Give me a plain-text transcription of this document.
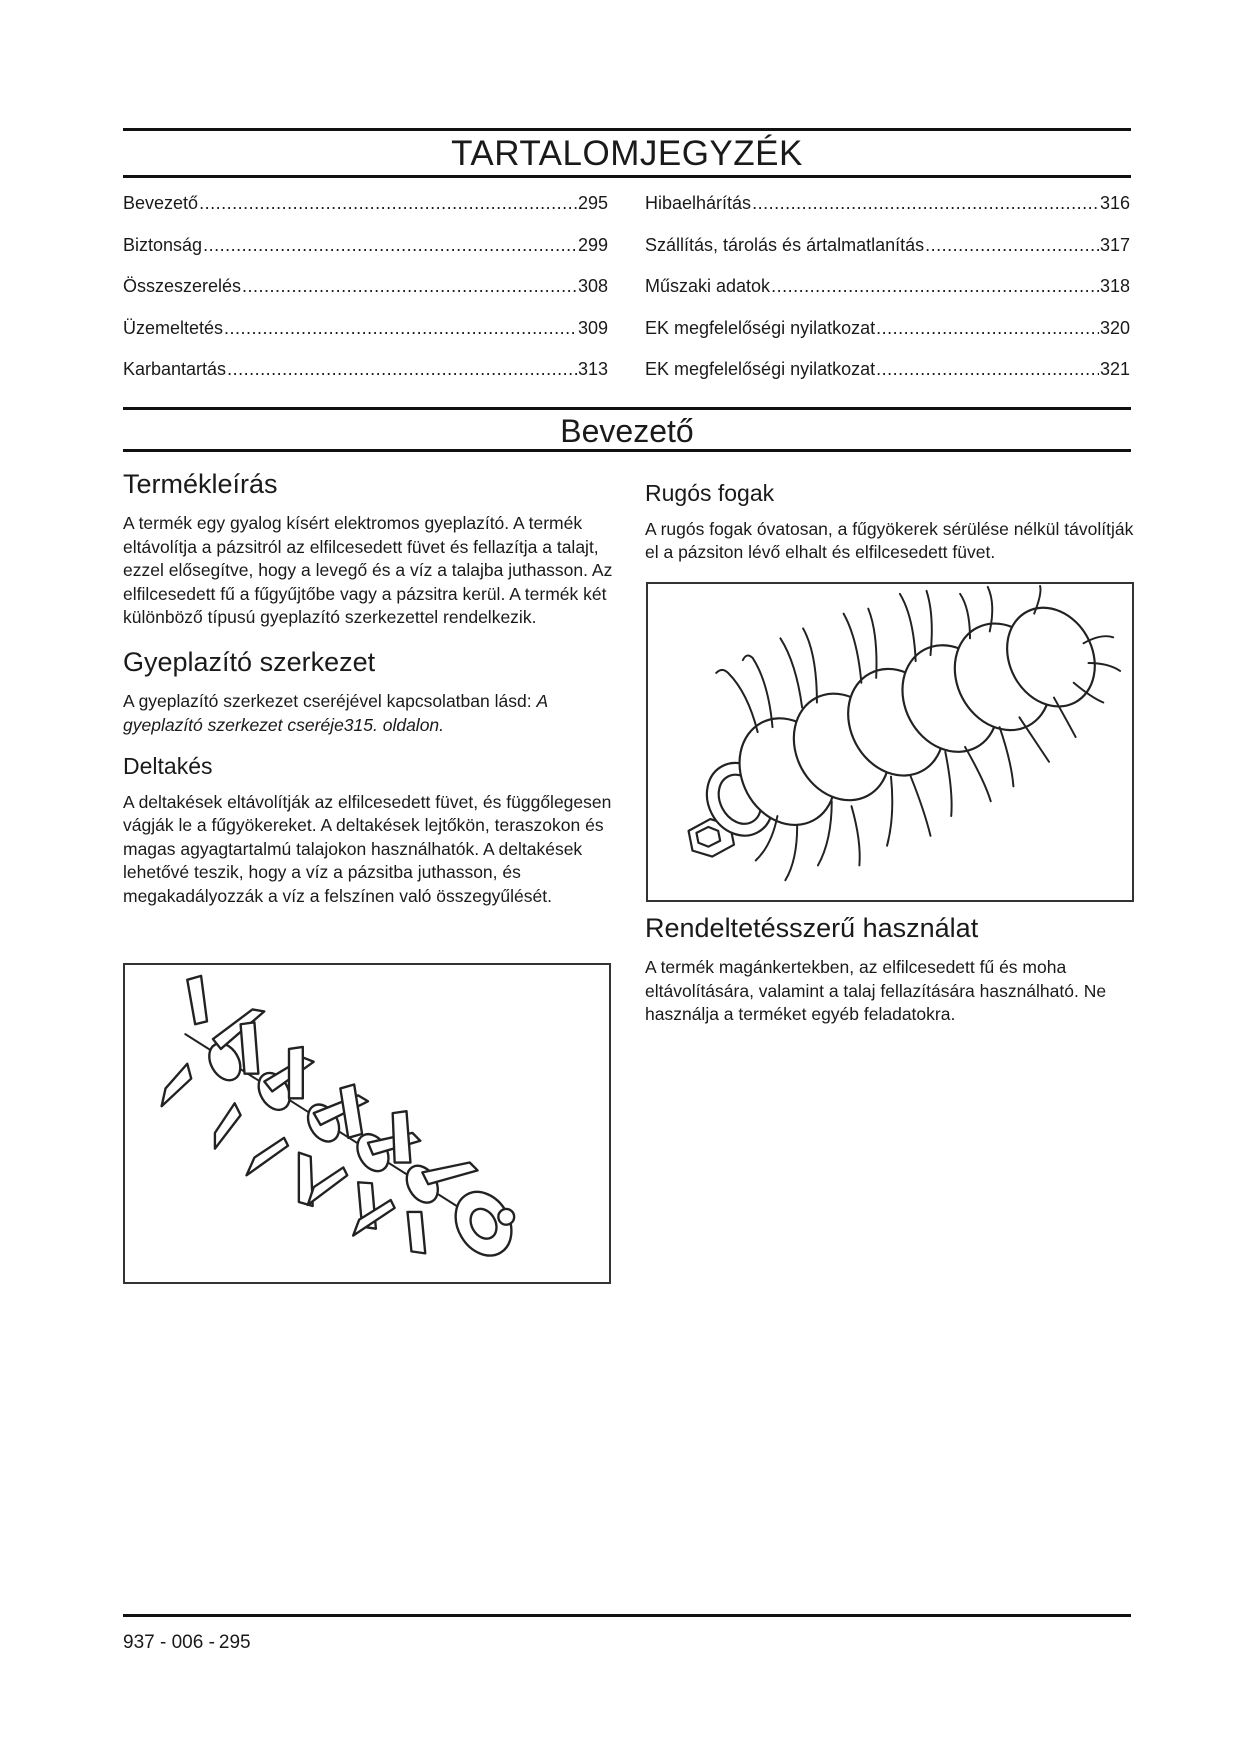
TARTALOMJEGYZÉK
Bevezető .....	295
Biztonság .....	299
Összeszerelés .....	308
Üzemeltetés .....	309
Karbantartás .....	313
Hibaelhárítás .....	316
Szállítás, tárolás és ártalmatlanítás .....	317
Műszaki adatok .....	318
EK megfelelőségi nyilatkozat .....	320
EK megfelelőségi nyilatkozat .....	321
Bevezető
Termékleírás

A termék egy gyalog kísért elektromos gyeplazító. A termék eltávolítja a pázsitról az elfilcesedett füvet és fellazítja a talajt, ezzel elősegítve, hogy a levegő és a víz a talajba juthasson. Az elfilcesedett fű a fűgyűjtőbe vagy a pázsitra kerül. A termék két különböző típusú gyeplazító szerkezettel rendelkezik.

Gyeplazító szerkezet

A gyeplazító szerkezet cseréjével kapcsolatban lásd: A gyeplazító szerkezet cseréje315. oldalon.

Deltakés

A deltakések eltávolítják az elfilcesedett füvet, és függőlegesen vágják le a fűgyökereket. A deltakések lejtőkön, teraszokon és magas agyagtartalmú talajokon használhatók. A deltakések lehetővé teszik, hogy a víz a pázsitba juthasson, és megakadályozzák a víz a felszínen való összegyűlését.

Rugós fogak

A rugós fogak óvatosan, a fűgyökerek sérülése nélkül távolítják el a pázsiton lévő elhalt és elfilcesedett füvet.

Rendeltetésszerű használat

A termék magánkertekben, az elfilcesedett fű és moha eltávolítására, valamint a talaj fellazítására használható. Ne használja a terméket egyéb feladatokra.

937 - 006 - 295
